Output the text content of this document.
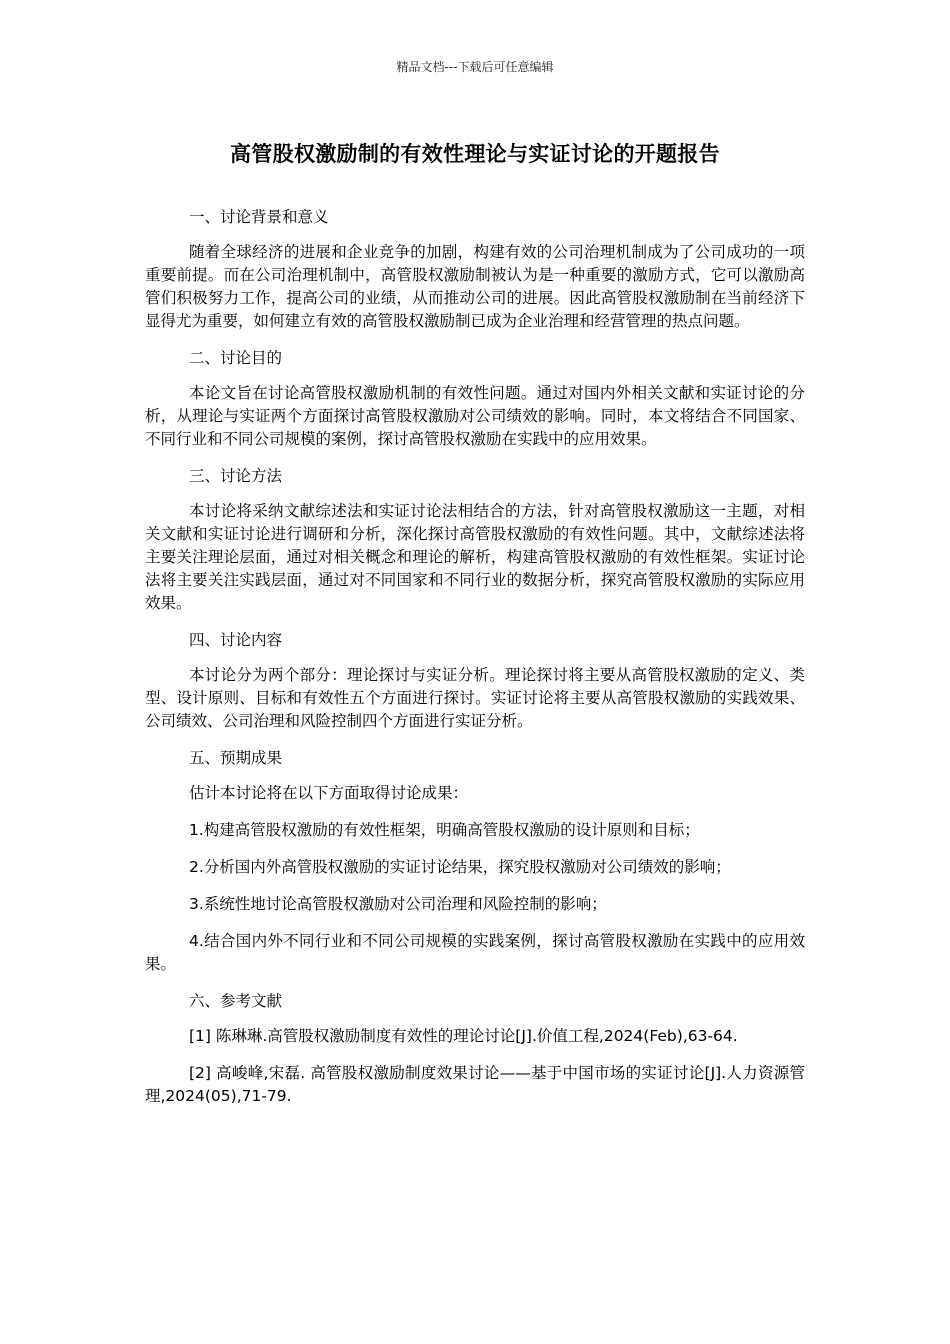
精品文档---下载后可任意编辑
高管股权激励制的有效性理论与实证讨论的开题报告

一、讨论背景和意义

随着全球经济的进展和企业竞争的加剧，构建有效的公司治理机制成为了公司成功的一项重要前提。而在公司治理机制中，高管股权激励制被认为是一种重要的激励方式，它可以激励高管们积极努力工作，提高公司的业绩，从而推动公司的进展。因此高管股权激励制在当前经济下显得尤为重要，如何建立有效的高管股权激励制已成为企业治理和经营管理的热点问题。

二、讨论目的

本论文旨在讨论高管股权激励机制的有效性问题。通过对国内外相关文献和实证讨论的分析，从理论与实证两个方面探讨高管股权激励对公司绩效的影响。同时，本文将结合不同国家、不同行业和不同公司规模的案例，探讨高管股权激励在实践中的应用效果。

三、讨论方法

本讨论将采纳文献综述法和实证讨论法相结合的方法，针对高管股权激励这一主题，对相关文献和实证讨论进行调研和分析，深化探讨高管股权激励的有效性问题。其中，文献综述法将主要关注理论层面，通过对相关概念和理论的解析，构建高管股权激励的有效性框架。实证讨论法将主要关注实践层面，通过对不同国家和不同行业的数据分析，探究高管股权激励的实际应用效果。

四、讨论内容

本讨论分为两个部分：理论探讨与实证分析。理论探讨将主要从高管股权激励的定义、类型、设计原则、目标和有效性五个方面进行探讨。实证讨论将主要从高管股权激励的实践效果、公司绩效、公司治理和风险控制四个方面进行实证分析。

五、预期成果

估计本讨论将在以下方面取得讨论成果：

1.构建高管股权激励的有效性框架，明确高管股权激励的设计原则和目标；

2.分析国内外高管股权激励的实证讨论结果，探究股权激励对公司绩效的影响；

3.系统性地讨论高管股权激励对公司治理和风险控制的影响；

4.结合国内外不同行业和不同公司规模的实践案例，探讨高管股权激励在实践中的应用效果。

六、参考文献

[1] 陈琳琳.高管股权激励制度有效性的理论讨论[J].价值工程,2024(Feb),63-64.

[2] 高峻峰,宋磊. 高管股权激励制度效果讨论——基于中国市场的实证讨论[J].人力资源管理,2024(05),71-79.
